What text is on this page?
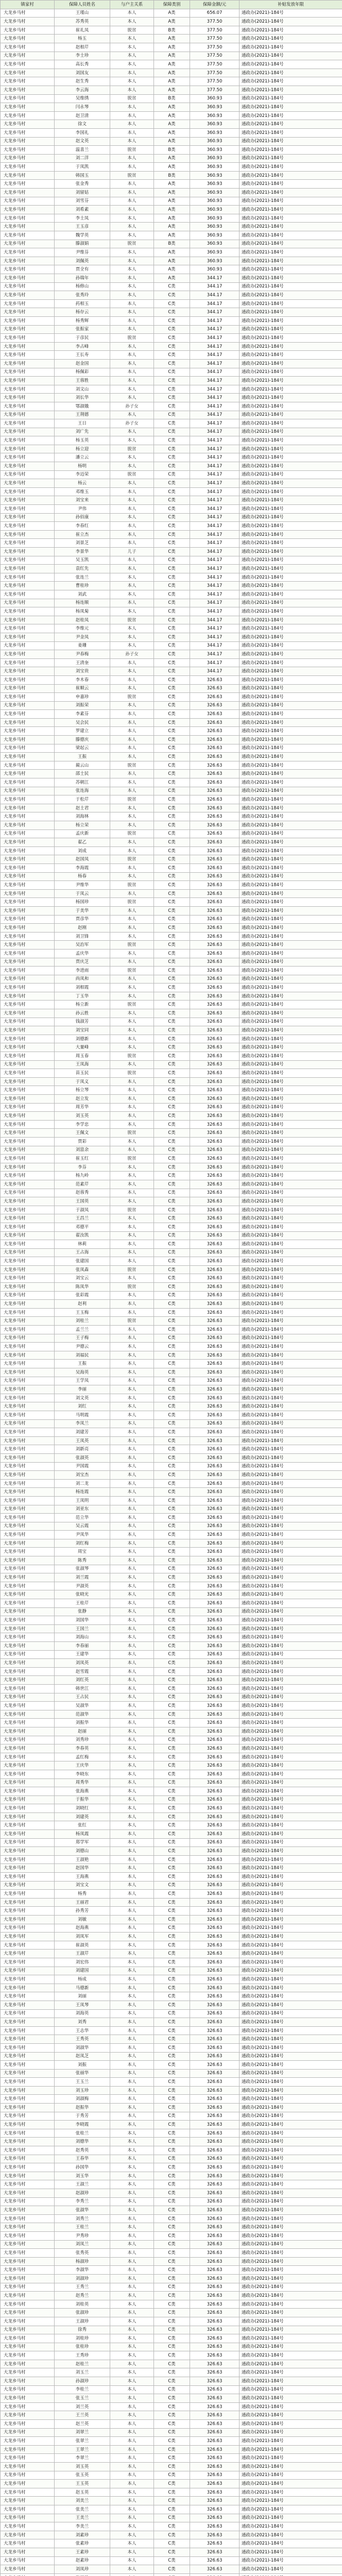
镇家村	保障人员姓名	与户主关系	保障类别	保障金额/元	补贴发放年限
大龙乡马村	王瑾山	本人	A类	656.07	通政办(2021)-184号
大龙乡马村	苏秀英	本人	A类	377.50	通政办(2021)-184号
大龙乡马村	崔礼凤	脱贫	B类	377.50	通政办(2021)-184号
大龙乡马村	杨玉	本人	A类	377.50	通政办(2021)-184号
大龙乡马村	赵相芹	本人	A类	377.50	通政办(2021)-184号
大龙乡马村	李士珍	本人	A类	377.50	通政办(2021)-184号
大龙乡马村	高长秀	本人	A类	377.50	通政办(2021)-184号
大龙乡马村	刘国友	本人	A类	377.50	通政办(2021)-184号
大龙乡马村	赵生秀	本人	A类	377.50	通政办(2021)-184号
大龙乡马村	李云海	本人	A类	377.50	通政办(2021)-184号
大龙乡马村	吴维绣	脱贫	B类	360.93	通政办(2021)-184号
大龙乡马村	闫永琴	本人	A类	360.93	通政办(2021)-184号
大龙乡马村	赵卫清	本人	A类	360.93	通政办(2021)-184号
大龙乡马村	徐文	本人	A类	360.93	通政办(2021)-184号
大龙乡马村	李国礼	本人	A类	360.93	通政办(2021)-184号
大龙乡马村	赵文英	本人	A类	360.93	通政办(2021)-184号
大龙乡马村	温喜兰	脱贫	B类	360.93	通政办(2021)-184号
大龙乡马村	刘二洋	本人	A类	360.93	通政办(2021)-184号
大龙乡马村	于凤凯	本人	A类	360.93	通政办(2021)-184号
大龙乡马村	韩国玉	脱贫	B类	360.93	通政办(2021)-184号
大龙乡马村	张金秀	本人	A类	360.93	通政办(2021)-184号
大龙乡马村	刘留姑	本人	A类	360.93	通政办(2021)-184号
大龙乡马村	刘雪芬	本人	A类	360.93	通政办(2021)-184号
大龙乡马村	刘希素	本人	A类	360.93	通政办(2021)-184号
大龙乡马村	李士凤	本人	A类	360.93	通政办(2021)-184号
大龙乡马村	王玉彦	本人	A类	360.93	通政办(2021)-184号
大龙乡马村	魏学英	本人	A类	360.93	通政办(2021)-184号
大龙乡马村	滕淑娟	脱贫	B类	360.93	通政办(2021)-184号
大龙乡马村	尹维芬	本人	A类	360.93	通政办(2021)-184号
大龙乡马村	刘佩英	本人	A类	360.93	通政办(2021)-184号
大龙乡马村	贾全有	本人	A类	360.93	通政办(2021)-184号
大龙乡马村	孙瑞年	本人	A类	344.17	通政办(2021)-184号
大龙乡马村	杨修山	本人	C类	344.17	通政办(2021)-184号
大龙乡马村	张秀玲	本人	C类	344.17	通政办(2021)-184号
大龙乡马村	药相玉	本人	C类	344.17	通政办(2021)-184号
大龙乡马村	杨存云	本人	C类	344.17	通政办(2021)-184号
大龙乡马村	杨秀辉	本人	C类	344.17	通政办(2021)-184号
大龙乡马村	张振家	本人	C类	344.17	通政办(2021)-184号
大龙乡马村	于彦民	脱贫	C类	344.17	通政办(2021)-184号
大龙乡马村	李占峰	本人	C类	344.17	通政办(2021)-184号
大龙乡马村	王长寿	本人	C类	344.17	通政办(2021)-184号
大龙乡马村	赵金国	本人	C类	344.17	通政办(2021)-184号
大龙乡马村	杨佩彩	本人	C类	344.17	通政办(2021)-184号
大龙乡马村	王蓉胜	本人	C类	344.17	通政办(2021)-184号
大龙乡马村	刘文山	本人	C类	344.17	通政办(2021)-184号
大龙乡马村	刘长华	本人	C类	344.17	通政办(2021)-184号
大龙乡马村	鄂淑娥	孙子女	C类	344.17	通政办(2021)-184号
大龙乡马村	王荆德	本人	C类	344.17	通政办(2021)-184号
大龙乡马村	王日	孙子女	C类	344.17	通政办(2021)-184号
大龙乡马村	刘广先	本人	C类	344.17	通政办(2021)-184号
大龙乡马村	杨玉英	本人	C类	344.17	通政办(2021)-184号
大龙乡马村	杨立迎	脱贫	C类	344.17	通政办(2021)-184号
大龙乡马村	潘立云	本人	C类	344.17	通政办(2021)-184号
大龙乡马村	杨明	本人	C类	344.17	通政办(2021)-184号
大龙乡马村	李迈荣	脱贫	C类	344.17	通政办(2021)-184号
大龙乡马村	杨云	本人	C类	344.17	通政办(2021)-184号
大龙乡马村	邓维玉	本人	C类	344.17	通政办(2021)-184号
大龙乡马村	刘宝来	本人	C类	344.17	通政办(2021)-184号
大龙乡马村	尹伟	本人	C类	344.17	通政办(2021)-184号
大龙乡马村	孙佰康	本人	C类	344.17	通政办(2021)-184号
大龙乡马村	李春红	本人	C类	344.17	通政办(2021)-184号
大龙乡马村	崔立杰	本人	C类	344.17	通政办(2021)-184号
大龙乡马村	刘景芝	本人	C类	344.17	通政办(2021)-184号
大龙乡马村	李景华	儿子	C类	344.17	通政办(2021)-184号
大龙乡马村	吴玉凯	本人	C类	344.17	通政办(2021)-184号
大龙乡马村	袁红先	本人	C类	344.17	通政办(2021)-184号
大龙乡马村	张连兰	本人	C类	344.17	通政办(2021)-184号
大龙乡马村	曹桂珍	本人	C类	344.17	通政办(2021)-184号
大龙乡马村	刘武	本人	C类	344.17	通政办(2021)-184号
大龙乡马村	杨连顺	本人	C类	344.17	通政办(2021)-184号
大龙乡马村	杨凤菊	本人	C类	344.17	通政办(2021)-184号
大龙乡马村	赵桂凤	脱贫	C类	344.17	通政办(2021)-184号
大龙乡马村	李维元	本人	C类	344.17	通政办(2021)-184号
大龙乡马村	尹金凤	本人	C类	344.17	通政办(2021)-184号
大龙乡马村	姜珊	本人	C类	344.17	通政办(2021)-184号
大龙乡马村	尹春梅	孙子女	C类	344.17	通政办(2021)-184号
大龙乡马村	王清奎	本人	C类	344.17	通政办(2021)-184号
大龙乡马村	刘宝贵	本人	C类	344.17	通政办(2021)-184号
大龙乡马村	李木春	本人	C类	326.63	通政办(2021)-184号
大龙乡马村	崔顺云	本人	C类	326.63	通政办(2021)-184号
大龙乡马村	申嘉珍	脱贫	C类	326.63	通政办(2021)-184号
大龙乡马村	刘振荣	本人	C类	326.63	通政办(2021)-184号
大龙乡马村	李素芬	本人	C类	326.63	通政办(2021)-184号
大龙乡马村	吴会民	本人	C类	326.63	通政办(2021)-184号
大龙乡马村	罗建立	本人	C类	326.63	通政办(2021)-184号
大龙乡马村	滕德庆	本人	C类	326.63	通政办(2021)-184号
大龙乡马村	梁起云	本人	C类	326.63	通政办(2021)-184号
大龙乡马村	王振	本人	C类	326.63	通政办(2021)-184号
大龙乡马村	蔺云山	脱贫	C类	326.63	通政办(2021)-184号
大龙乡马村	邵士民	本人	C类	326.63	通政办(2021)-184号
大龙乡马村	苏朝江	本人	C类	326.63	通政办(2021)-184号
大龙乡马村	张连海	本人	C类	326.63	通政办(2021)-184号
大龙乡马村	于松芹	脱贫	C类	326.63	通政办(2021)-184号
大龙乡马村	赵士君	本人	C类	326.63	通政办(2021)-184号
大龙乡马村	刘海林	本人	C类	326.63	通政办(2021)-184号
大龙乡马村	杨立荣	本人	C类	326.63	通政办(2021)-184号
大龙乡马村	孟庆新	脱贫	C类	326.63	通政办(2021)-184号
大龙乡马村	翟乙	本人	C类	326.63	通政办(2021)-184号
大龙乡马村	刘成	本人	C类	326.63	通政办(2021)-184号
大龙乡马村	赵国凤	脱贫	C类	326.63	通政办(2021)-184号
大龙乡马村	李海霞	本人	C类	326.63	通政办(2021)-184号
大龙乡马村	杨春	本人	C类	326.63	通政办(2021)-184号
大龙乡马村	尹维华	脱贫	C类	326.63	通政办(2021)-184号
大龙乡马村	于凤云	本人	C类	326.63	通政办(2021)-184号
大龙乡马村	杨国珍	脱贫	C类	326.63	通政办(2021)-184号
大龙乡马村	于美华	本人	C类	326.63	通政办(2021)-184号
大龙乡马村	贾彦华	本人	C类	326.63	通政办(2021)-184号
大龙乡马村	赵刚	本人	C类	326.63	通政办(2021)-184号
大龙乡马村	刘卫锋	本人	C类	326.63	通政办(2021)-184号
大龙乡马村	吴治军	脱贫	C类	326.63	通政办(2021)-184号
大龙乡马村	孟庆华	本人	C类	326.63	通政办(2021)-184号
大龙乡马村	贾庆芝	本人	C类	326.63	通政办(2021)-184号
大龙乡马村	李进雨	脱贫	C类	326.63	通政办(2021)-184号
大龙乡马村	尚凤和	本人	C类	326.63	通政办(2021)-184号
大龙乡马村	刘相霞	本人	C类	326.63	通政办(2021)-184号
大龙乡马村	丁玉华	本人	C类	326.63	通政办(2021)-184号
大龙乡马村	杨立新	脱贫	C类	326.63	通政办(2021)-184号
大龙乡马村	孙云胜	本人	C类	326.63	通政办(2021)-184号
大龙乡马村	钱淑芳	本人	C类	326.63	通政办(2021)-184号
大龙乡马村	刘宝同	本人	C类	326.63	通政办(2021)-184号
大龙乡马村	刘德新	本人	C类	326.63	通政办(2021)-184号
大龙乡马村	大量峰	本人	C类	326.63	通政办(2021)-184号
大龙乡马村	周玉春	脱贫	C类	326.63	通政办(2021)-184号
大龙乡马村	王凤海	本人	C类	326.63	通政办(2021)-184号
大龙乡马村	苗玉民	脱贫	C类	326.63	通政办(2021)-184号
大龙乡马村	于凤义	本人	C类	326.63	通政办(2021)-184号
大龙乡马村	杨立琴	本人	C类	326.63	通政办(2021)-184号
大龙乡马村	赵立发	本人	C类	326.63	通政办(2021)-184号
大龙乡马村	周芳华	本人	C类	326.63	通政办(2021)-184号
大龙乡马村	刘玉英	本人	C类	326.63	通政办(2021)-184号
大龙乡马村	李学忠	本人	C类	326.63	通政办(2021)-184号
大龙乡马村	王佩文	脱贫	C类	326.63	通政办(2021)-184号
大龙乡马村	贾彩	本人	C类	326.63	通政办(2021)-184号
大龙乡马村	刘富余	本人	C类	326.63	通政办(2021)-184号
大龙乡马村	崔玉红	脱贫	C类	326.63	通政办(2021)-184号
大龙乡马村	李芬	本人	C类	326.63	通政办(2021)-184号
大龙乡马村	杨九岭	本人	C类	326.63	通政办(2021)-184号
大龙乡马村	范素芹	本人	C类	326.63	通政办(2021)-184号
大龙乡马村	赵蓉秀	本人	C类	326.63	通政办(2021)-184号
大龙乡马村	王国英	本人	C类	326.63	通政办(2021)-184号
大龙乡马村	于淑凤	脱贫	C类	326.63	通政办(2021)-184号
大龙乡马村	王昌兰	本人	C类	326.63	通政办(2021)-184号
大龙乡马村	邓德平	本人	C类	326.63	通政办(2021)-184号
大龙乡马村	翟汝凯	本人	C类	326.63	通政办(2021)-184号
大龙乡马村	林莉	本人	C类	326.63	通政办(2021)-184号
大龙乡马村	王占海	本人	C类	326.63	通政办(2021)-184号
大龙乡马村	张建国	本人	C类	326.63	通政办(2021)-184号
大龙乡马村	张凤森	脱贫	C类	326.63	通政办(2021)-184号
大龙乡马村	刘宝云	本人	C类	326.63	通政办(2021)-184号
大龙乡马村	陈凤华	脱贫	C类	326.63	通政办(2021)-184号
大龙乡马村	张彩霞	本人	C类	326.63	通政办(2021)-184号
大龙乡马村	赵利	本人	C类	326.63	通政办(2021)-184号
大龙乡马村	王玉梅	本人	C类	326.63	通政办(2021)-184号
大龙乡马村	刘桂兰	脱贫	C类	326.63	通政办(2021)-184号
大龙乡马村	孟兰兰	本人	C类	326.63	通政办(2021)-184号
大龙乡马村	王子梅	本人	C类	326.63	通政办(2021)-184号
大龙乡马村	尹德云	本人	C类	326.63	通政办(2021)-184号
大龙乡马村	刘福民	本人	C类	326.63	通政办(2021)-184号
大龙乡马村	王振	本人	C类	326.63	通政办(2021)-184号
大龙乡马村	吴海英	本人	C类	326.63	通政办(2021)-184号
大龙乡马村	王学凤	本人	C类	326.63	通政办(2021)-184号
大龙乡马村	李丽	本人	C类	326.63	通政办(2021)-184号
大龙乡马村	刘文英	本人	C类	326.63	通政办(2021)-184号
大龙乡马村	刘红	本人	C类	326.63	通政办(2021)-184号
大龙乡马村	马明霞	本人	C类	326.63	通政办(2021)-184号
大龙乡马村	李凤兰	本人	C类	326.63	通政办(2021)-184号
大龙乡马村	刘建芳	本人	C类	326.63	通政办(2021)-184号
大龙乡马村	王凤英	本人	C类	326.63	通政办(2021)-184号
大龙乡马村	刘新亮	本人	C类	326.63	通政办(2021)-184号
大龙乡马村	张淑英	本人	C类	326.63	通政办(2021)-184号
大龙乡马村	尹国霞	本人	C类	326.63	通政办(2021)-184号
大龙乡马村	刘宝杰	本人	C类	326.63	通政办(2021)-184号
大龙乡马村	刘二龙	本人	C类	326.63	通政办(2021)-184号
大龙乡马村	杨连霞	本人	C类	326.63	通政办(2021)-184号
大龙乡马村	王凤明	本人	C类	326.63	通政办(2021)-184号
大龙乡马村	刘亚东	本人	C类	326.63	通政办(2021)-184号
大龙乡马村	范立华	本人	C类	326.63	通政办(2021)-184号
大龙乡马村	吴云霞	本人	C类	326.63	通政办(2021)-184号
大龙乡马村	尹凤华	本人	C类	326.63	通政办(2021)-184号
大龙乡马村	刘红梅	本人	C类	326.63	通政办(2021)-184号
大龙乡马村	周宝	本人	C类	326.63	通政办(2021)-184号
大龙乡马村	陈秀	本人	C类	326.63	通政办(2021)-184号
大龙乡马村	张淑琴	本人	C类	326.63	通政办(2021)-184号
大龙乡马村	刘兰霞	本人	C类	326.63	通政办(2021)-184号
大龙乡马村	尹淑英	本人	C类	326.63	通政办(2021)-184号
大龙乡马村	张晓光	本人	C类	326.63	通政办(2021)-184号
大龙乡马村	王桂芹	本人	C类	326.63	通政办(2021)-184号
大龙乡马村	张静	本人	C类	326.63	通政办(2021)-184号
大龙乡马村	刘国华	本人	C类	326.63	通政办(2021)-184号
大龙乡马村	王国兰	本人	C类	326.63	通政办(2021)-184号
大龙乡马村	刘海山	本人	C类	326.63	通政办(2021)-184号
大龙乡马村	李春丽	本人	C类	326.63	通政办(2021)-184号
大龙乡马村	王建华	本人	C类	326.63	通政办(2021)-184号
大龙乡马村	刘凤英	本人	C类	326.63	通政办(2021)-184号
大龙乡马村	赵雪霞	本人	C类	326.63	通政办(2021)-184号
大龙乡马村	刘红英	本人	C类	326.63	通政办(2021)-184号
大龙乡马村	韩世江	本人	C类	326.63	通政办(2021)-184号
大龙乡马村	王占民	本人	C类	326.63	通政办(2021)-184号
大龙乡马村	吴淑华	本人	C类	326.63	通政办(2021)-184号
大龙乡马村	范淑华	本人	C类	326.63	通政办(2021)-184号
大龙乡马村	刘振华	本人	C类	326.63	通政办(2021)-184号
大龙乡马村	赵丽	本人	C类	326.63	通政办(2021)-184号
大龙乡马村	刘秀珍	本人	C类	326.63	通政办(2021)-184号
大龙乡马村	李春英	本人	C类	326.63	通政办(2021)-184号
大龙乡马村	孟红梅	本人	C类	326.63	通政办(2021)-184号
大龙乡马村	王庆华	本人	C类	326.63	通政办(2021)-184号
大龙乡马村	李晓东	本人	C类	326.63	通政办(2021)-184号
大龙乡马村	周秀华	本人	C类	326.63	通政办(2021)-184号
大龙乡马村	张海燕	本人	C类	326.63	通政办(2021)-184号
大龙乡马村	于振华	本人	C类	326.63	通政办(2021)-184号
大龙乡马村	刘晓红	本人	C类	326.63	通政办(2021)-184号
大龙乡马村	刘建英	本人	C类	326.63	通政办(2021)-184号
大龙乡马村	张红	本人	C类	326.63	通政办(2021)-184号
大龙乡马村	杨凤霞	本人	C类	326.63	通政办(2021)-184号
大龙乡马村	郑学军	本人	C类	326.63	通政办(2021)-184号
大龙乡马村	刘德山	本人	C类	326.63	通政办(2021)-184号
大龙乡马村	王淑艳	本人	C类	326.63	通政办(2021)-184号
大龙乡马村	赵国华	本人	C类	326.63	通政办(2021)-184号
大龙乡马村	王海燕	本人	C类	326.63	通政办(2021)-184号
大龙乡马村	刘宝文	本人	C类	326.63	通政办(2021)-184号
大龙乡马村	杨秀	本人	C类	326.63	通政办(2021)-184号
大龙乡马村	王丽君	本人	C类	326.63	通政办(2021)-184号
大龙乡马村	孙秀芳	本人	C类	326.63	通政办(2021)-184号
大龙乡马村	刘敏	本人	C类	326.63	通政办(2021)-184号
大龙乡马村	赵海燕	本人	C类	326.63	通政办(2021)-184号
大龙乡马村	刘凤军	本人	C类	326.63	通政办(2021)-184号
大龙乡马村	崔淑英	本人	C类	326.63	通政办(2021)-184号
大龙乡马村	王淑芹	本人	C类	326.63	通政办(2021)-184号
大龙乡马村	刘宏伟	本人	C类	326.63	通政办(2021)-184号
大龙乡马村	刘建国	本人	C类	326.63	通政办(2021)-184号
大龙乡马村	杨成	本人	C类	326.63	通政办(2021)-184号
大龙乡马村	马德新	本人	C类	326.63	通政办(2021)-184号
大龙乡马村	刘丽	本人	C类	326.63	通政办(2021)-184号
大龙乡马村	王凤琴	本人	C类	326.63	通政办(2021)-184号
大龙乡马村	刘海英	本人	C类	326.63	通政办(2021)-184号
大龙乡马村	刘秀	本人	C类	326.63	通政办(2021)-184号
大龙乡马村	王志华	本人	C类	326.63	通政办(2021)-184号
大龙乡马村	王秀英	本人	C类	326.63	通政办(2021)-184号
大龙乡马村	刘淑华	本人	C类	326.63	通政办(2021)-184号
大龙乡马村	赵凤芝	本人	C类	326.63	通政办(2021)-184号
大龙乡马村	刘振	本人	C类	326.63	通政办(2021)-184号
大龙乡马村	张丽华	本人	C类	326.63	通政办(2021)-184号
大龙乡马村	王玉兰	本人	C类	326.63	通政办(2021)-184号
大龙乡马村	刘玉珍	本人	C类	326.63	通政办(2021)-184号
大龙乡马村	刘淑梅	本人	C类	326.63	通政办(2021)-184号
大龙乡马村	赵振华	本人	C类	326.63	通政办(2021)-184号
大龙乡马村	于秀芳	本人	C类	326.63	通政办(2021)-184号
大龙乡马村	李晓霞	本人	C类	326.63	通政办(2021)-184号
大龙乡马村	张桂兰	本人	C类	326.63	通政办(2021)-184号
大龙乡马村	刘德华	本人	C类	326.63	通政办(2021)-184号
大龙乡马村	赵秀英	本人	C类	326.63	通政办(2021)-184号
大龙乡马村	王春华	本人	C类	326.63	通政办(2021)-184号
大龙乡马村	孙国华	本人	C类	326.63	通政办(2021)-184号
大龙乡马村	刘玉华	本人	C类	326.63	通政办(2021)-184号
大龙乡马村	王淑兰	本人	C类	326.63	通政办(2021)-184号
大龙乡马村	赵淑珍	本人	C类	326.63	通政办(2021)-184号
大龙乡马村	李秀兰	本人	C类	326.63	通政办(2021)-184号
大龙乡马村	张淑华	本人	C类	326.63	通政办(2021)-184号
大龙乡马村	刘秀兰	本人	C类	326.63	通政办(2021)-184号
大龙乡马村	王桂兰	本人	C类	326.63	通政办(2021)-184号
大龙乡马村	尹秀珍	本人	C类	326.63	通政办(2021)-184号
大龙乡马村	刘凤兰	本人	C类	326.63	通政办(2021)-184号
大龙乡马村	张秀英	本人	C类	326.63	通政办(2021)-184号
大龙乡马村	杨淑珍	本人	C类	326.63	通政办(2021)-184号
大龙乡马村	李淑华	本人	C类	326.63	通政办(2021)-184号
大龙乡马村	刘淑珍	本人	C类	326.63	通政办(2021)-184号
大龙乡马村	王秀兰	本人	C类	326.63	通政办(2021)-184号
大龙乡马村	赵秀兰	本人	C类	326.63	通政办(2021)-184号
大龙乡马村	刘桂英	本人	C类	326.63	通政办(2021)-184号
大龙乡马村	张淑珍	本人	C类	326.63	通政办(2021)-184号
大龙乡马村	王淑珍	本人	C类	326.63	通政办(2021)-184号
大龙乡马村	徐秀	本人	C类	326.63	通政办(2021)-184号
大龙乡马村	刘桂珍	本人	C类	326.63	通政办(2021)-184号
大龙乡马村	张桂珍	本人	C类	326.63	通政办(2021)-184号
大龙乡马村	王秀珍	本人	C类	326.63	通政办(2021)-184号
大龙乡马村	赵桂兰	本人	C类	326.63	通政办(2021)-184号
大龙乡马村	刘玉兰	本人	C类	326.63	通政办(2021)-184号
大龙乡马村	孙淑珍	本人	C类	326.63	通政办(2021)-184号
大龙乡马村	李桂兰	本人	C类	326.63	通政办(2021)-184号
大龙乡马村	张玉兰	本人	C类	326.63	通政办(2021)-184号
大龙乡马村	刘兰英	本人	C类	326.63	通政办(2021)-184号
大龙乡马村	王兰英	本人	C类	326.63	通政办(2021)-184号
大龙乡马村	赵兰英	本人	C类	326.63	通政办(2021)-184号
大龙乡马村	刘翠兰	本人	C类	326.63	通政办(2021)-184号
大龙乡马村	张翠兰	本人	C类	326.63	通政办(2021)-184号
大龙乡马村	王翠兰	本人	C类	326.63	通政办(2021)-184号
大龙乡马村	李翠兰	本人	C类	326.63	通政办(2021)-184号
大龙乡马村	刘玉英	本人	C类	326.63	通政办(2021)-184号
大龙乡马村	张玉英	本人	C类	326.63	通政办(2021)-184号
大龙乡马村	王玉英	本人	C类	326.63	通政办(2021)-184号
大龙乡马村	赵玉英	本人	C类	326.63	通政办(2021)-184号
大龙乡马村	刘美兰	本人	C类	326.63	通政办(2021)-184号
大龙乡马村	张美兰	本人	C类	326.63	通政办(2021)-184号
大龙乡马村	王美兰	本人	C类	326.63	通政办(2021)-184号
大龙乡马村	李美兰	本人	C类	326.63	通政办(2021)-184号
大龙乡马村	刘素珍	本人	C类	326.63	通政办(2021)-184号
大龙乡马村	张素珍	本人	C类	326.63	通政办(2021)-184号
大龙乡马村	王素珍	本人	C类	326.63	通政办(2021)-184号
大龙乡马村	赵素珍	本人	C类	326.63	通政办(2021)-184号
大龙乡马村	刘凤珍	本人	C类	326.63	通政办(2021)-184号
